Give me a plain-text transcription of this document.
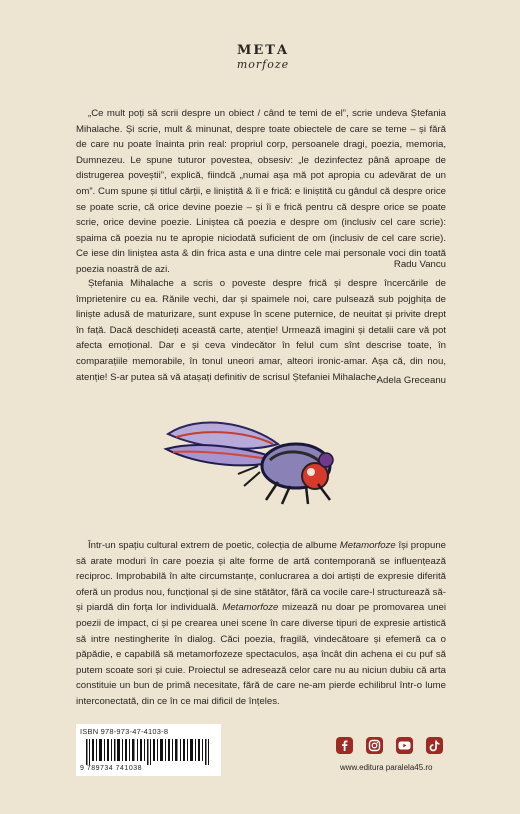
MEΤΑ
morfoze

„Ce mult poți să scrii despre un obiect / când te temi de el”, scrie undeva Ștefania Mihalache. Și scrie, mult & minunat, despre toate obiectele de care se teme – și fără de care nu poate înainta prin real: propriul corp, persoanele dragi, poezia, memoria, Dumnezeu. Le spune tuturor povestea, obsesiv: „le dezinfectez până aproape de distrugerea poveștii”, explică, fiindcă „numai așa mă pot apropia cu adevărat de un om”. Cum spune și titlul cărții, e liniștită & îi e frică: e liniștită cu gândul că despre orice se poate scrie, că orice devine poezie – și îi e frică pentru că despre orice se poate scrie, orice devine poezie. Liniștea că poezia e despre om (inclusiv cel care scrie): spaima că poezia nu te apropie niciodată suficient de om (inclusiv de cel care scrie). Ce iese din liniștea asta & din frica asta e una dintre cele mai personale voci din toată poezia noastră de azi.	Radu Vancu

Ștefania Mihalache a scris o poveste despre frică și despre încercările de împrietenire cu ea. Rănile vechi, dar și spaimele noi, care pulsează sub pojghița de liniște adusă de maturizare, sunt expuse în scene puternice, de neuitat și privite drept în față. Dacă deschideți această carte, atenție! Urmează imagini și detalii care vă pot afecta emoțional. Dar e și ceva vindecător în felul cum sînt descrise toate, în comparațiile memorabile, în tonul uneori amar, alteori ironic-amar. Așa că, din nou, atenție! S-ar putea să vă atașați definitiv de scrisul Ștefaniei Mihalache.

Adela Greceanu

Într-un spațiu cultural extrem de poetic, colecția de albume Metamorfoze își propune să arate moduri în care poezia și alte forme de artă contemporană se influențează reciproc. Improbabilă în alte circumstanțe, conlucrarea a doi artiști de expresie diferită oferă un produs nou, funcțional și de sine stătător, fără ca vocile care-l structurează să-și piardă din forța lor individuală. Metamorfoze mizează nu doar pe promovarea unei poezii de impact, ci și pe crearea unei scene în care diverse tipuri de expresie artistică să intre nestingherite în dialog. Căci poezia, fragilă, vindecătoare și efemeră ca o păpădie, e capabilă să metamorfozeze spectaculos, așa încât din achena ei cu puf să putem scoate sori și cuie. Proiectul se adresează celor care nu au niciun dubiu că arta constituie un bun de primă necesitate, fără de care ne-am pierde echilibrul într-o lume interconectată, din ce în ce mai dificil de înțeles.

ISBN 978-973-47-4103-8
9 789734 741038	www.editura paralela45.ro
